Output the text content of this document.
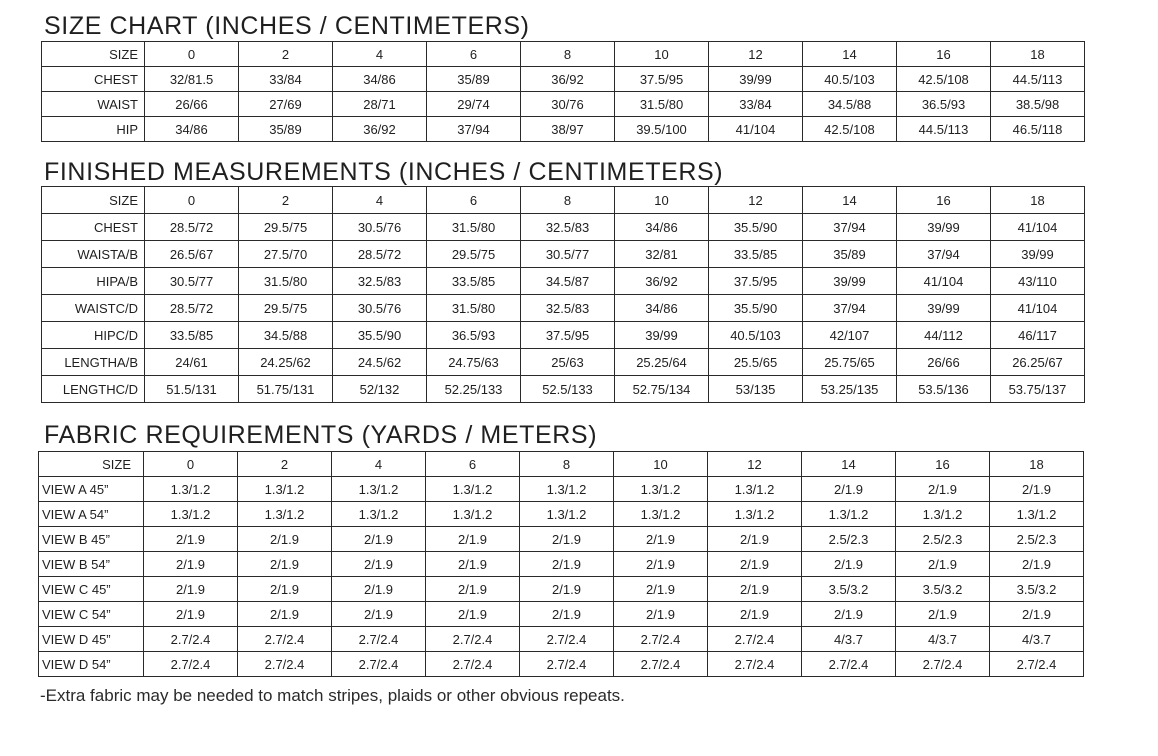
SIZE CHART (INCHES / CENTIMETERS)
SIZE	0	2	4	6	8	10	12	14	16	18
CHEST	32/81.5	33/84	34/86	35/89	36/92	37.5/95	39/99	40.5/103	42.5/108	44.5/113
WAIST	26/66	27/69	28/71	29/74	30/76	31.5/80	33/84	34.5/88	36.5/93	38.5/98
HIP	34/86	35/89	36/92	37/94	38/97	39.5/100	41/104	42.5/108	44.5/113	46.5/118
FINISHED MEASUREMENTS (INCHES / CENTIMETERS)
SIZE	0	2	4	6	8	10	12	14	16	18
CHEST	28.5/72	29.5/75	30.5/76	31.5/80	32.5/83	34/86	35.5/90	37/94	39/99	41/104
WAISTA/B	26.5/67	27.5/70	28.5/72	29.5/75	30.5/77	32/81	33.5/85	35/89	37/94	39/99
HIPA/B	30.5/77	31.5/80	32.5/83	33.5/85	34.5/87	36/92	37.5/95	39/99	41/104	43/110
WAISTC/D	28.5/72	29.5/75	30.5/76	31.5/80	32.5/83	34/86	35.5/90	37/94	39/99	41/104
HIPC/D	33.5/85	34.5/88	35.5/90	36.5/93	37.5/95	39/99	40.5/103	42/107	44/112	46/117
LENGTHA/B	24/61	24.25/62	24.5/62	24.75/63	25/63	25.25/64	25.5/65	25.75/65	26/66	26.25/67
LENGTHC/D	51.5/131	51.75/131	52/132	52.25/133	52.5/133	52.75/134	53/135	53.25/135	53.5/136	53.75/137
FABRIC REQUIREMENTS (YARDS / METERS)
SIZE	0	2	4	6	8	10	12	14	16	18
VIEW A 45”	1.3/1.2	1.3/1.2	1.3/1.2	1.3/1.2	1.3/1.2	1.3/1.2	1.3/1.2	2/1.9	2/1.9	2/1.9
VIEW A 54”	1.3/1.2	1.3/1.2	1.3/1.2	1.3/1.2	1.3/1.2	1.3/1.2	1.3/1.2	1.3/1.2	1.3/1.2	1.3/1.2
VIEW B 45”	2/1.9	2/1.9	2/1.9	2/1.9	2/1.9	2/1.9	2/1.9	2.5/2.3	2.5/2.3	2.5/2.3
VIEW B 54”	2/1.9	2/1.9	2/1.9	2/1.9	2/1.9	2/1.9	2/1.9	2/1.9	2/1.9	2/1.9
VIEW C 45”	2/1.9	2/1.9	2/1.9	2/1.9	2/1.9	2/1.9	2/1.9	3.5/3.2	3.5/3.2	3.5/3.2
VIEW C 54”	2/1.9	2/1.9	2/1.9	2/1.9	2/1.9	2/1.9	2/1.9	2/1.9	2/1.9	2/1.9
VIEW D 45”	2.7/2.4	2.7/2.4	2.7/2.4	2.7/2.4	2.7/2.4	2.7/2.4	2.7/2.4	4/3.7	4/3.7	4/3.7
VIEW D 54”	2.7/2.4	2.7/2.4	2.7/2.4	2.7/2.4	2.7/2.4	2.7/2.4	2.7/2.4	2.7/2.4	2.7/2.4	2.7/2.4
-Extra fabric may be needed to match stripes, plaids or other obvious repeats.
